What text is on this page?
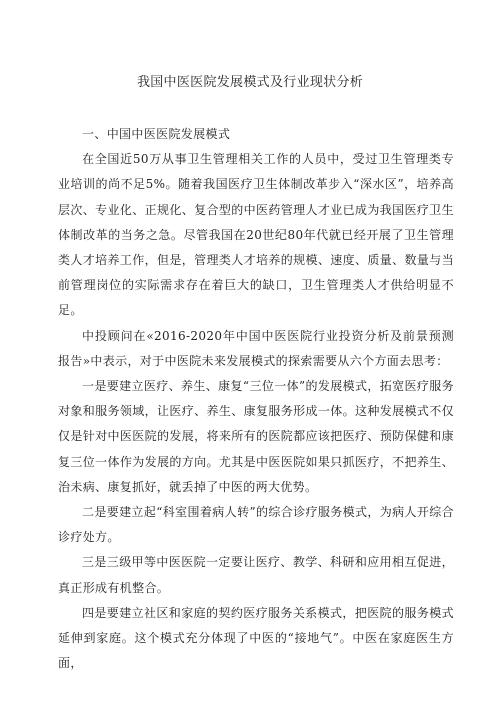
我国中医医院发展模式及行业现状分析

一、中国中医医院发展模式

在全国近50万从事卫生管理相关工作的人员中，受过卫生管理类专业培训的尚不足5%。随着我国医疗卫生体制改革步入“深水区”，培养高层次、专业化、正规化、复合型的中医药管理人才业已成为我国医疗卫生体制改革的当务之急。尽管我国在20世纪80年代就已经开展了卫生管理类人才培养工作，但是，管理类人才培养的规模、速度、质量、数量与当前管理岗位的实际需求存在着巨大的缺口，卫生管理类人才供给明显不足。

中投顾问在«2016-2020年中国中医医院行业投资分析及前景预测报告»中表示，对于中医院未来发展模式的探索需要从六个方面去思考：

一是要建立医疗、养生、康复“三位一体”的发展模式，拓宽医疗服务对象和服务领域，让医疗、养生、康复服务形成一体。这种发展模式不仅仅是针对中医医院的发展，将来所有的医院都应该把医疗、预防保健和康复三位一体作为发展的方向。尤其是中医医院如果只抓医疗，不把养生、治未病、康复抓好，就丢掉了中医的两大优势。

二是要建立起“科室围着病人转”的综合诊疗服务模式，为病人开综合诊疗处方。

三是三级甲等中医医院一定要让医疗、教学、科研和应用相互促进，真正形成有机整合。

四是要建立社区和家庭的契约医疗服务关系模式，把医院的服务模式延伸到家庭。这个模式充分体现了中医的“接地气”。中医在家庭医生方面，
